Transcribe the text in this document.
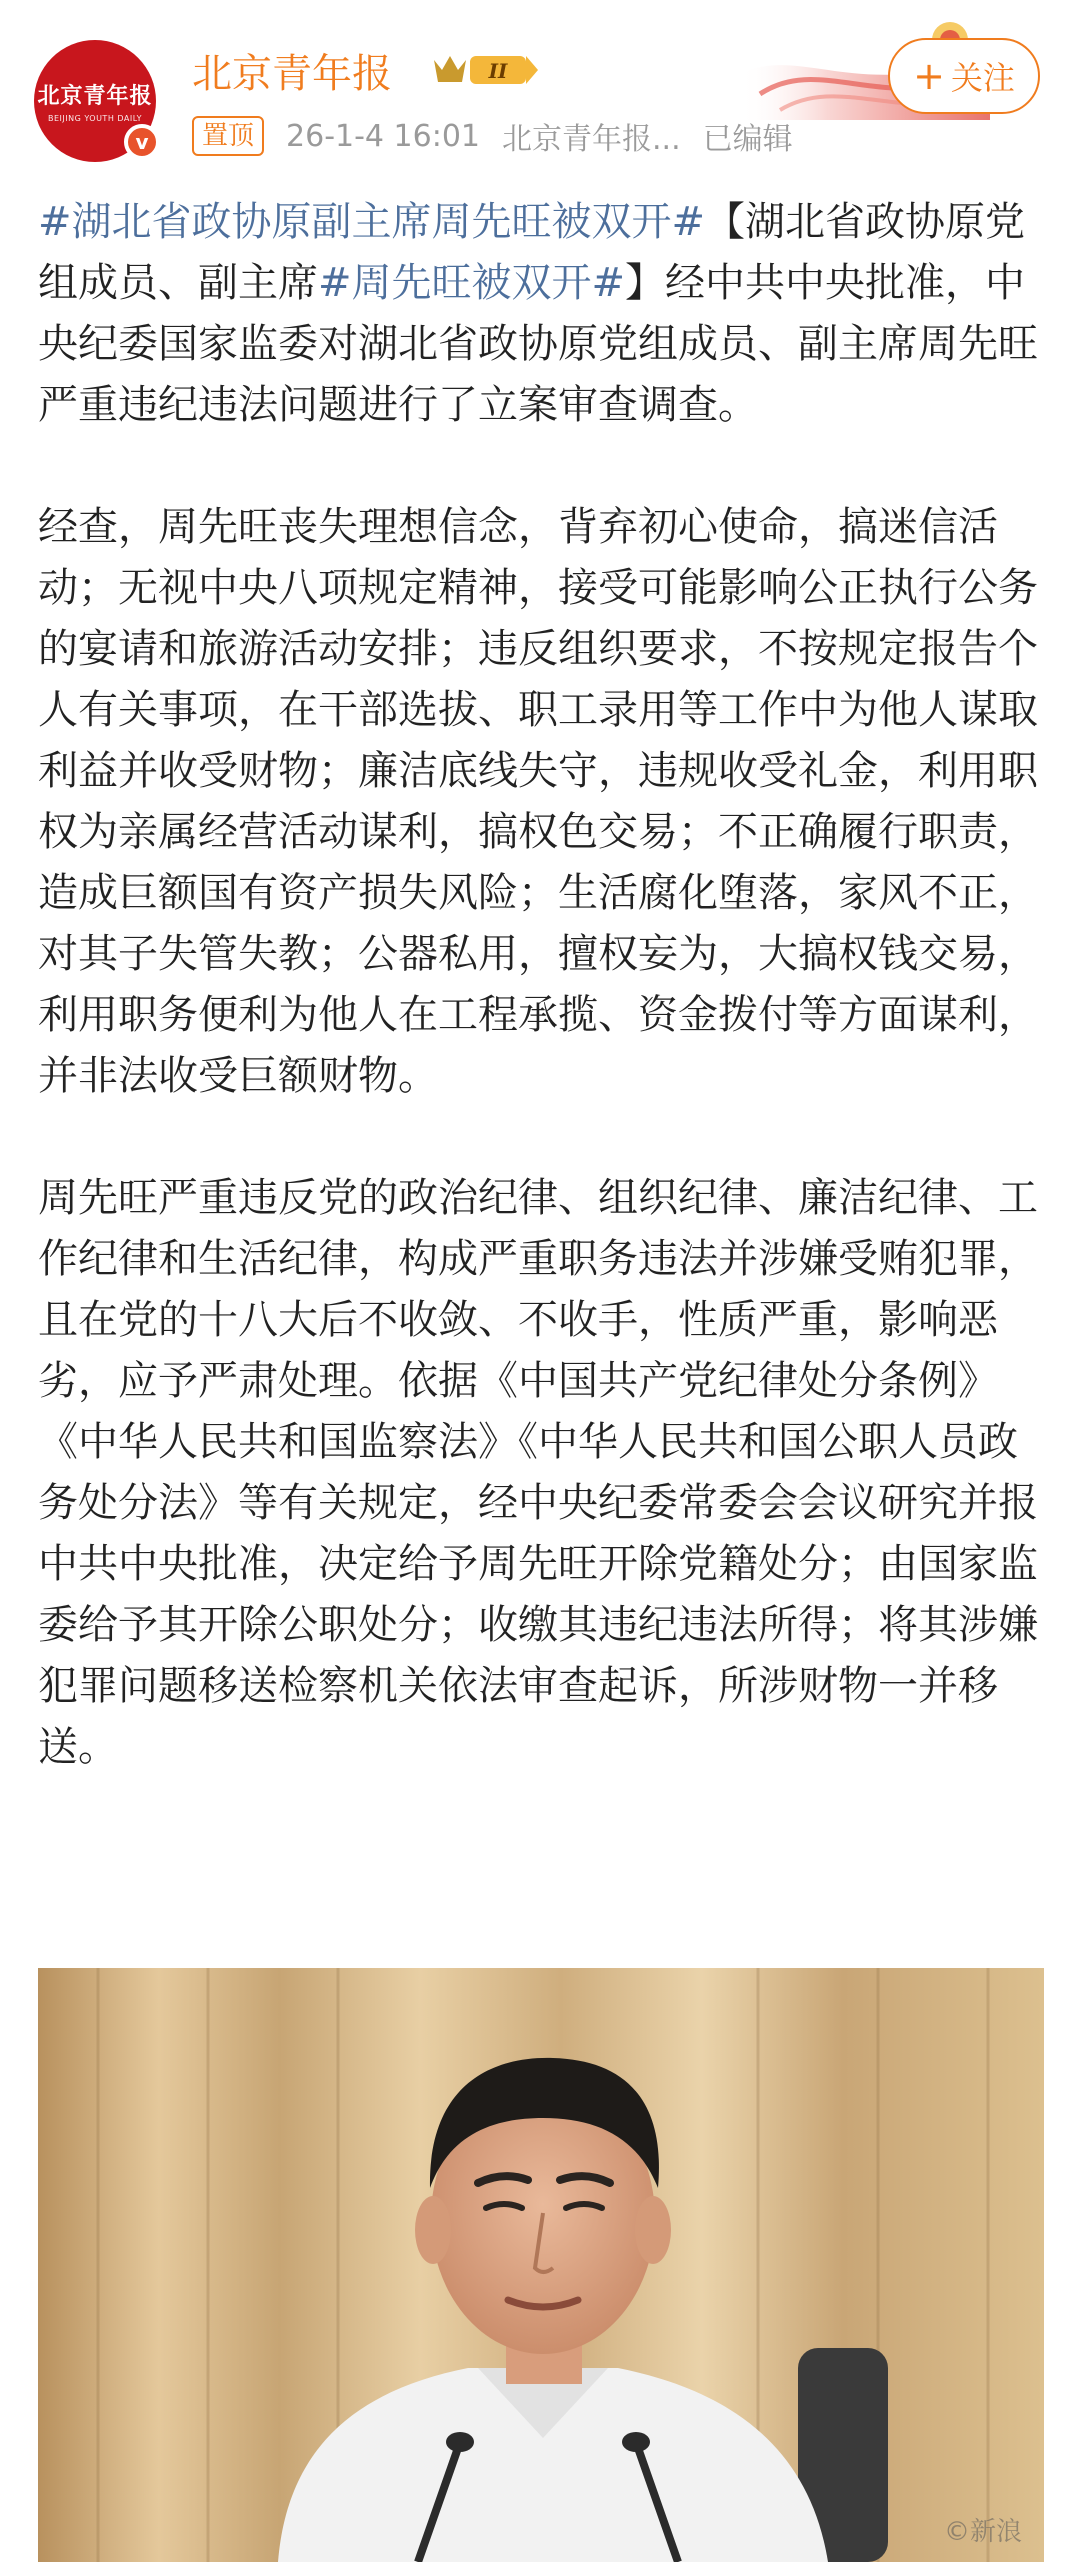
北京青年报
BEIJING YOUTH DAILY
v
北京青年报	II
置顶	26-1-4 16:01 北京青年报... 已编辑
+ 关注

#湖北省政协原副主席周先旺被双开#【湖北省政协原党组成员、副主席#周先旺被双开#】经中共中央批准，中央纪委国家监委对湖北省政协原党组成员、副主席周先旺严重违纪违法问题进行了立案审查调查。

经查，周先旺丧失理想信念，背弃初心使命，搞迷信活动；无视中央八项规定精神，接受可能影响公正执行公务的宴请和旅游活动安排；违反组织要求，不按规定报告个人有关事项，在干部选拔、职工录用等工作中为他人谋取利益并收受财物；廉洁底线失守，违规收受礼金，利用职权为亲属经营活动谋利，搞权色交易；不正确履行职责，造成巨额国有资产损失风险；生活腐化堕落，家风不正，对其子失管失教；公器私用，擅权妄为，大搞权钱交易，利用职务便利为他人在工程承揽、资金拨付等方面谋利，并非法收受巨额财物。

周先旺严重违反党的政治纪律、组织纪律、廉洁纪律、工作纪律和生活纪律，构成严重职务违法并涉嫌受贿犯罪，且在党的十八大后不收敛、不收手，性质严重，影响恶劣，应予严肃处理。依据《中国共产党纪律处分条例》《中华人民共和国监察法》《中华人民共和国公职人员政务处分法》等有关规定，经中央纪委常委会会议研究并报中共中央批准，决定给予周先旺开除党籍处分；由国家监委给予其开除公职处分；收缴其违纪违法所得；将其涉嫌犯罪问题移送检察机关依法审查起诉，所涉财物一并移送。

©新浪
